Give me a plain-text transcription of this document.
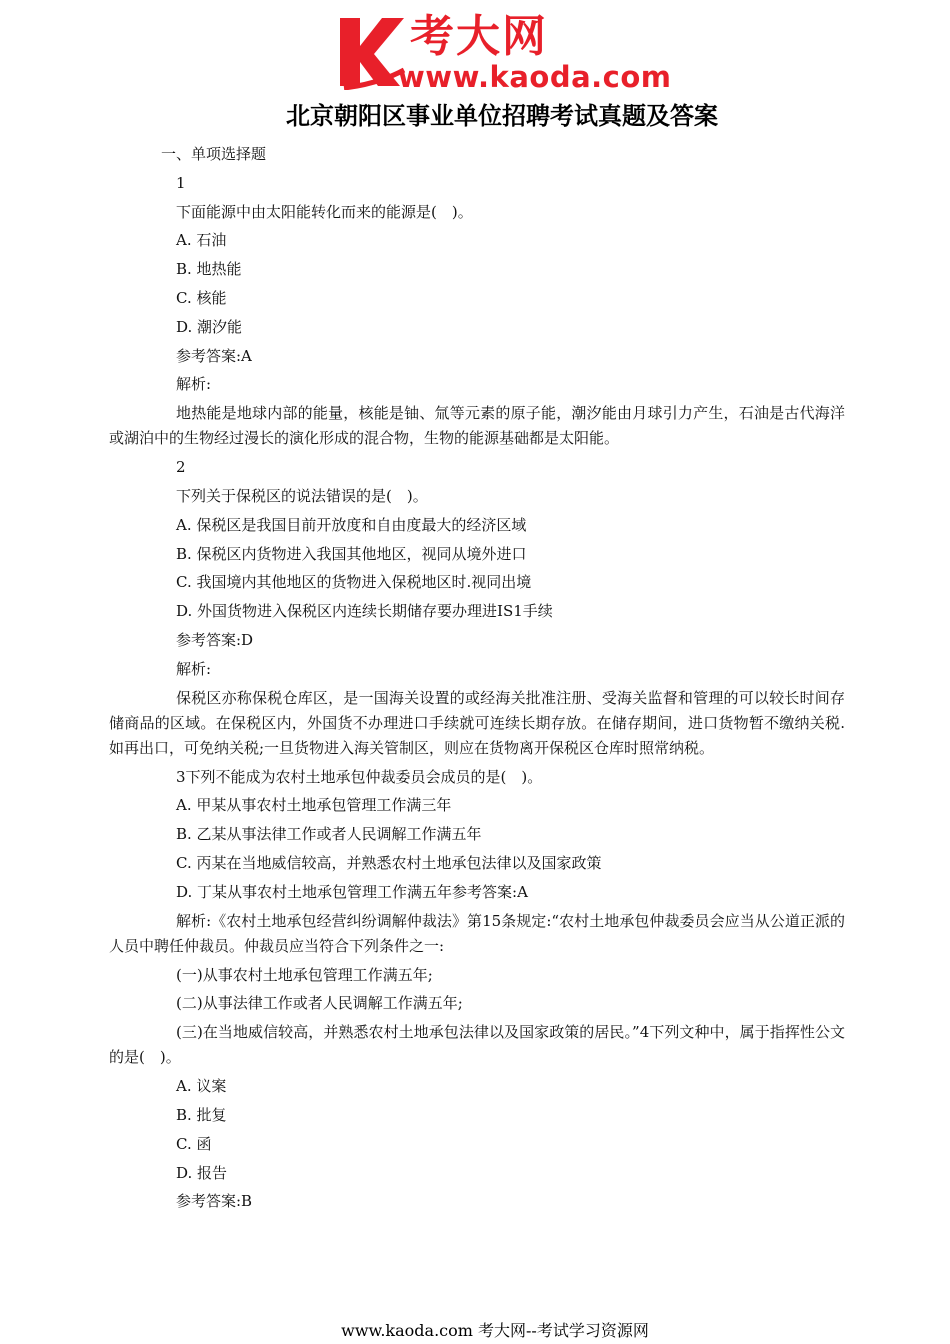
考大网
www.kaoda.com
北京朝阳区事业单位招聘考试真题及答案

一、单项选择题

1

下面能源中由太阳能转化而来的能源是(　)。

A. 石油

B. 地热能

C. 核能

D. 潮汐能

参考答案:A

解析:

地热能是地球内部的能量，核能是铀、氚等元素的原子能，潮汐能由月球引力产生，石油是古代海洋或湖泊中的生物经过漫长的演化形成的混合物，生物的能源基础都是太阳能。

2

下列关于保税区的说法错误的是(　)。

A. 保税区是我国目前开放度和自由度最大的经济区域

B. 保税区内货物进入我国其他地区，视同从境外进口

C. 我国境内其他地区的货物进入保税地区时.视同出境

D. 外国货物进入保税区内连续长期储存要办理进IS1手续

参考答案:D

解析:

保税区亦称保税仓库区，是一国海关设置的或经海关批准注册、受海关监督和管理的可以较长时间存储商品的区域。在保税区内，外国货不办理进口手续就可连续长期存放。在储存期间，进口货物暂不缴纳关税.如再出口，可免纳关税;一旦货物进入海关管制区，则应在货物离开保税区仓库时照常纳税。

3下列不能成为农村土地承包仲裁委员会成员的是(　)。

A. 甲某从事农村土地承包管理工作满三年

B. 乙某从事法律工作或者人民调解工作满五年

C. 丙某在当地威信较高，并熟悉农村土地承包法律以及国家政策

D. 丁某从事农村土地承包管理工作满五年参考答案:A

解析:《农村土地承包经营纠纷调解仲裁法》第15条规定:“农村土地承包仲裁委员会应当从公道正派的人员中聘任仲裁员。仲裁员应当符合下列条件之一:

(一)从事农村土地承包管理工作满五年;

(二)从事法律工作或者人民调解工作满五年;

(三)在当地威信较高，并熟悉农村土地承包法律以及国家政策的居民。”4下列文种中，属于指挥性公文的是(　)。

A. 议案

B. 批复

C. 函

D. 报告

参考答案:B

www.kaoda.com 考大网--考试学习资源网
